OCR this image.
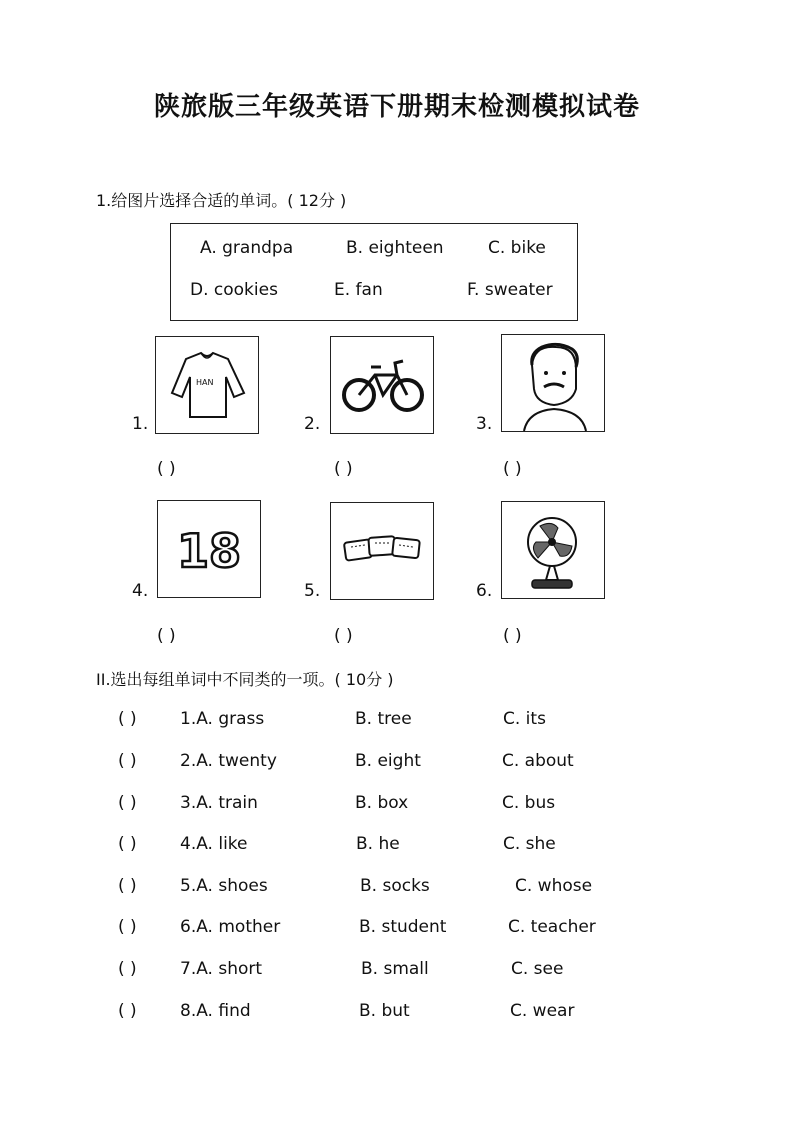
陕旅版三年级英语下册期末检测模拟试卷
1.给图片选择合适的单词。( 12分 )
A. grandpa	B. eighteen	C. bike
D. cookies	E. fan	F. sweater
1.
HAN
2.	3.
( )	( )	( )
4.
18
5.	6.
( )	( )	( )
II.选出每组单词中不同类的一项。( 10分 )
( )	1.A. grass	B. tree	C. its
( )	2.A. twenty	B. eight	C. about
( )	3.A. train	B. box	C. bus
( )	4.A. like	B. he	C. she
( )	5.A. shoes	B. socks	C. whose
( )	6.A. mother	B. student	C. teacher
( )	7.A. short	B. small	C. see
( )	8.A. find	B. but	C. wear
